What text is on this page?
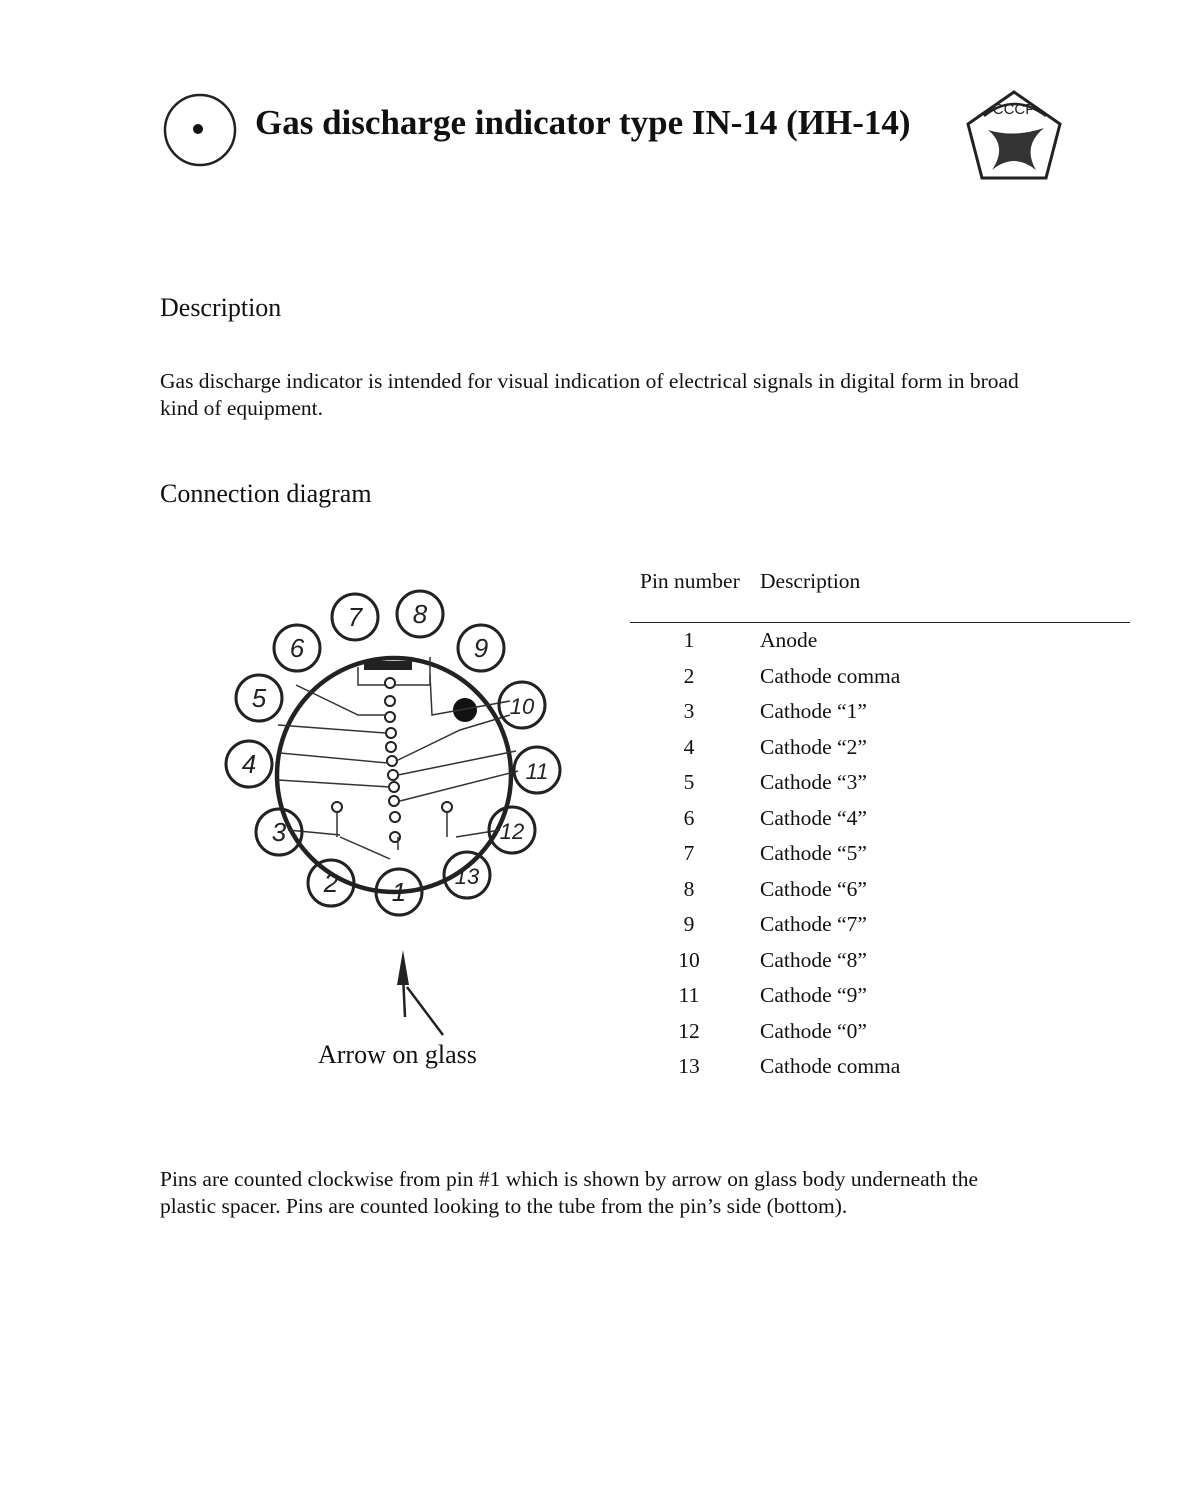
Gas discharge indicator type IN-14 (ИН-14)	CCCP
Description

Gas discharge indicator is intended for visual indication of electrical signals in digital form in broad kind of equipment.

Connection diagram
1
2
3
4
5
6
7 8
9
10
11
12
13
Arrow on glass
Pin number Description
1	Anode
2	Cathode comma
3	Cathode “1”
4	Cathode “2”
5	Cathode “3”
6	Cathode “4”
7	Cathode “5”
8	Cathode “6”
9	Cathode “7”
10	Cathode “8”
11	Cathode “9”
12	Cathode “0”
13	Cathode comma

Pins are counted clockwise from pin #1 which is shown by arrow on glass body underneath the plastic spacer. Pins are counted looking to the tube from the pin’s side (bottom).
